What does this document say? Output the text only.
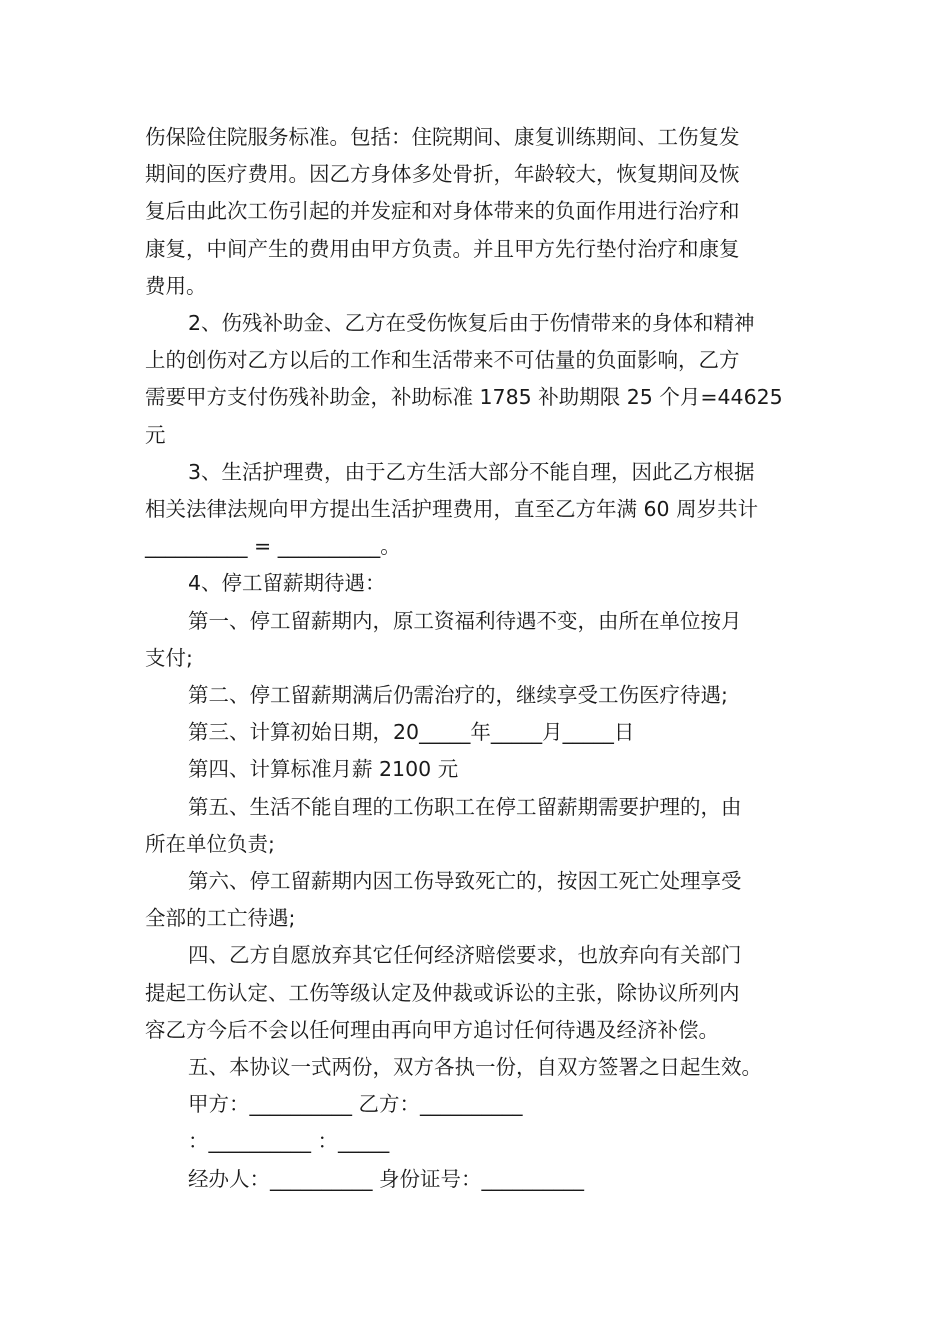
伤保险住院服务标准。包括：住院期间、康复训练期间、工伤复发
期间的医疗费用。因乙方身体多处骨折，年龄较大，恢复期间及恢
复后由此次工伤引起的并发症和对身体带来的负面作用进行治疗和
康复，中间产生的费用由甲方负责。并且甲方先行垫付治疗和康复
费用。

2、伤残补助金、乙方在受伤恢复后由于伤情带来的身体和精神
上的创伤对乙方以后的工作和生活带来不可估量的负面影响，乙方
需要甲方支付伤残补助金，补助标准 1785 补助期限 25 个月=44625
元

3、生活护理费，由于乙方生活大部分不能自理，因此乙方根据
相关法律法规向甲方提出生活护理费用，直至乙方年满 60 周岁共计
__________ = __________。

4、停工留薪期待遇：

第一、停工留薪期内，原工资福利待遇不变，由所在单位按月
支付;

第二、停工留薪期满后仍需治疗的，继续享受工伤医疗待遇;

第三、计算初始日期，20_____年_____月_____日

第四、计算标准月薪 2100 元

第五、生活不能自理的工伤职工在停工留薪期需要护理的，由
所在单位负责;

第六、停工留薪期内因工伤导致死亡的，按因工死亡处理享受
全部的工亡待遇;

四、乙方自愿放弃其它任何经济赔偿要求，也放弃向有关部门
提起工伤认定、工伤等级认定及仲裁或诉讼的主张，除协议所列内
容乙方今后不会以任何理由再向甲方追讨任何待遇及经济补偿。

五、本协议一式两份，双方各执一份，自双方签署之日起生效。

甲方：__________ 乙方：__________

：__________ ：_____

经办人：__________ 身份证号：__________
